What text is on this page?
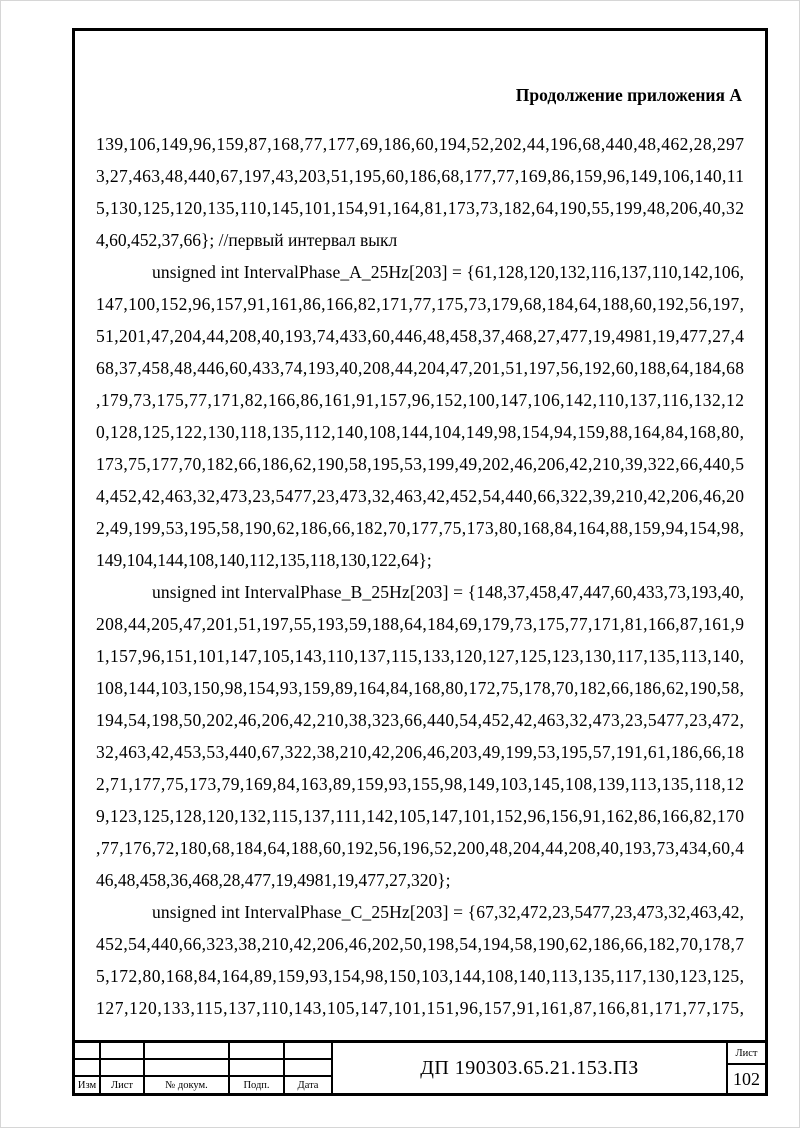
Продолжение приложения А
139,106,149,96,159,87,168,77,177,69,186,60,194,52,202,44,196,68,440,48,462,28,297
3,27,463,48,440,67,197,43,203,51,195,60,186,68,177,77,169,86,159,96,149,106,140,11
5,130,125,120,135,110,145,101,154,91,164,81,173,73,182,64,190,55,199,48,206,40,32
4,60,452,37,66}; //первый интервал выкл
unsigned int IntervalPhase_A_25Hz[203] = {61,128,120,132,116,137,110,142,106,
147,100,152,96,157,91,161,86,166,82,171,77,175,73,179,68,184,64,188,60,192,56,197,
51,201,47,204,44,208,40,193,74,433,60,446,48,458,37,468,27,477,19,4981,19,477,27,4
68,37,458,48,446,60,433,74,193,40,208,44,204,47,201,51,197,56,192,60,188,64,184,68
,179,73,175,77,171,82,166,86,161,91,157,96,152,100,147,106,142,110,137,116,132,12
0,128,125,122,130,118,135,112,140,108,144,104,149,98,154,94,159,88,164,84,168,80,
173,75,177,70,182,66,186,62,190,58,195,53,199,49,202,46,206,42,210,39,322,66,440,5
4,452,42,463,32,473,23,5477,23,473,32,463,42,452,54,440,66,322,39,210,42,206,46,20
2,49,199,53,195,58,190,62,186,66,182,70,177,75,173,80,168,84,164,88,159,94,154,98,
149,104,144,108,140,112,135,118,130,122,64};
unsigned int IntervalPhase_B_25Hz[203] = {148,37,458,47,447,60,433,73,193,40,
208,44,205,47,201,51,197,55,193,59,188,64,184,69,179,73,175,77,171,81,166,87,161,9
1,157,96,151,101,147,105,143,110,137,115,133,120,127,125,123,130,117,135,113,140,
108,144,103,150,98,154,93,159,89,164,84,168,80,172,75,178,70,182,66,186,62,190,58,
194,54,198,50,202,46,206,42,210,38,323,66,440,54,452,42,463,32,473,23,5477,23,472,
32,463,42,453,53,440,67,322,38,210,42,206,46,203,49,199,53,195,57,191,61,186,66,18
2,71,177,75,173,79,169,84,163,89,159,93,155,98,149,103,145,108,139,113,135,118,12
9,123,125,128,120,132,115,137,111,142,105,147,101,152,96,156,91,162,86,166,82,170
,77,176,72,180,68,184,64,188,60,192,56,196,52,200,48,204,44,208,40,193,73,434,60,4
46,48,458,36,468,28,477,19,4981,19,477,27,320};
unsigned int IntervalPhase_C_25Hz[203] = {67,32,472,23,5477,23,473,32,463,42,
452,54,440,66,323,38,210,42,206,46,202,50,198,54,194,58,190,62,186,66,182,70,178,7
5,172,80,168,84,164,89,159,93,154,98,150,103,144,108,140,113,135,117,130,123,125,
127,120,133,115,137,110,143,105,147,101,151,96,157,91,161,87,166,81,171,77,175,
Изм	Лист	№ докум.	Подп.	Дата
ДП 190303.65.21.153.ПЗ
Лист
102
